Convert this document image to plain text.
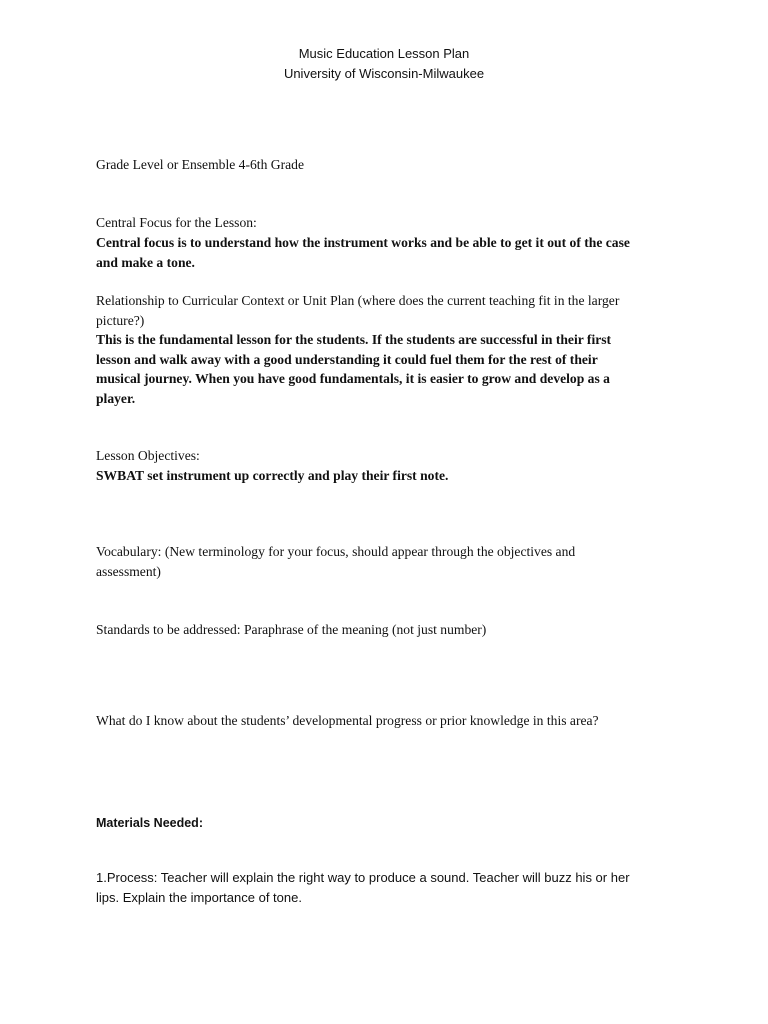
Music Education Lesson Plan

University of Wisconsin-Milwaukee

Grade Level or Ensemble 4-6th Grade

Central Focus for the Lesson:

Central focus is to understand how the instrument works and be able to get it out of the case and make a tone.

Relationship to Curricular Context or Unit Plan (where does the current teaching fit in the larger picture?)

This is the fundamental lesson for the students. If the students are successful in their first lesson and walk away with a good understanding it could fuel them for the rest of their musical journey. When you have good fundamentals, it is easier to grow and develop as a player.

Lesson Objectives:

SWBAT set instrument up correctly and play their first note.

Vocabulary: (New terminology for your focus, should appear through the objectives and assessment)

Standards to be addressed: Paraphrase of the meaning (not just number)

What do I know about the students’ developmental progress or prior knowledge in this area?

Materials Needed:

1.Process: Teacher will explain the right way to produce a sound. Teacher will buzz his or her lips. Explain the importance of tone.
